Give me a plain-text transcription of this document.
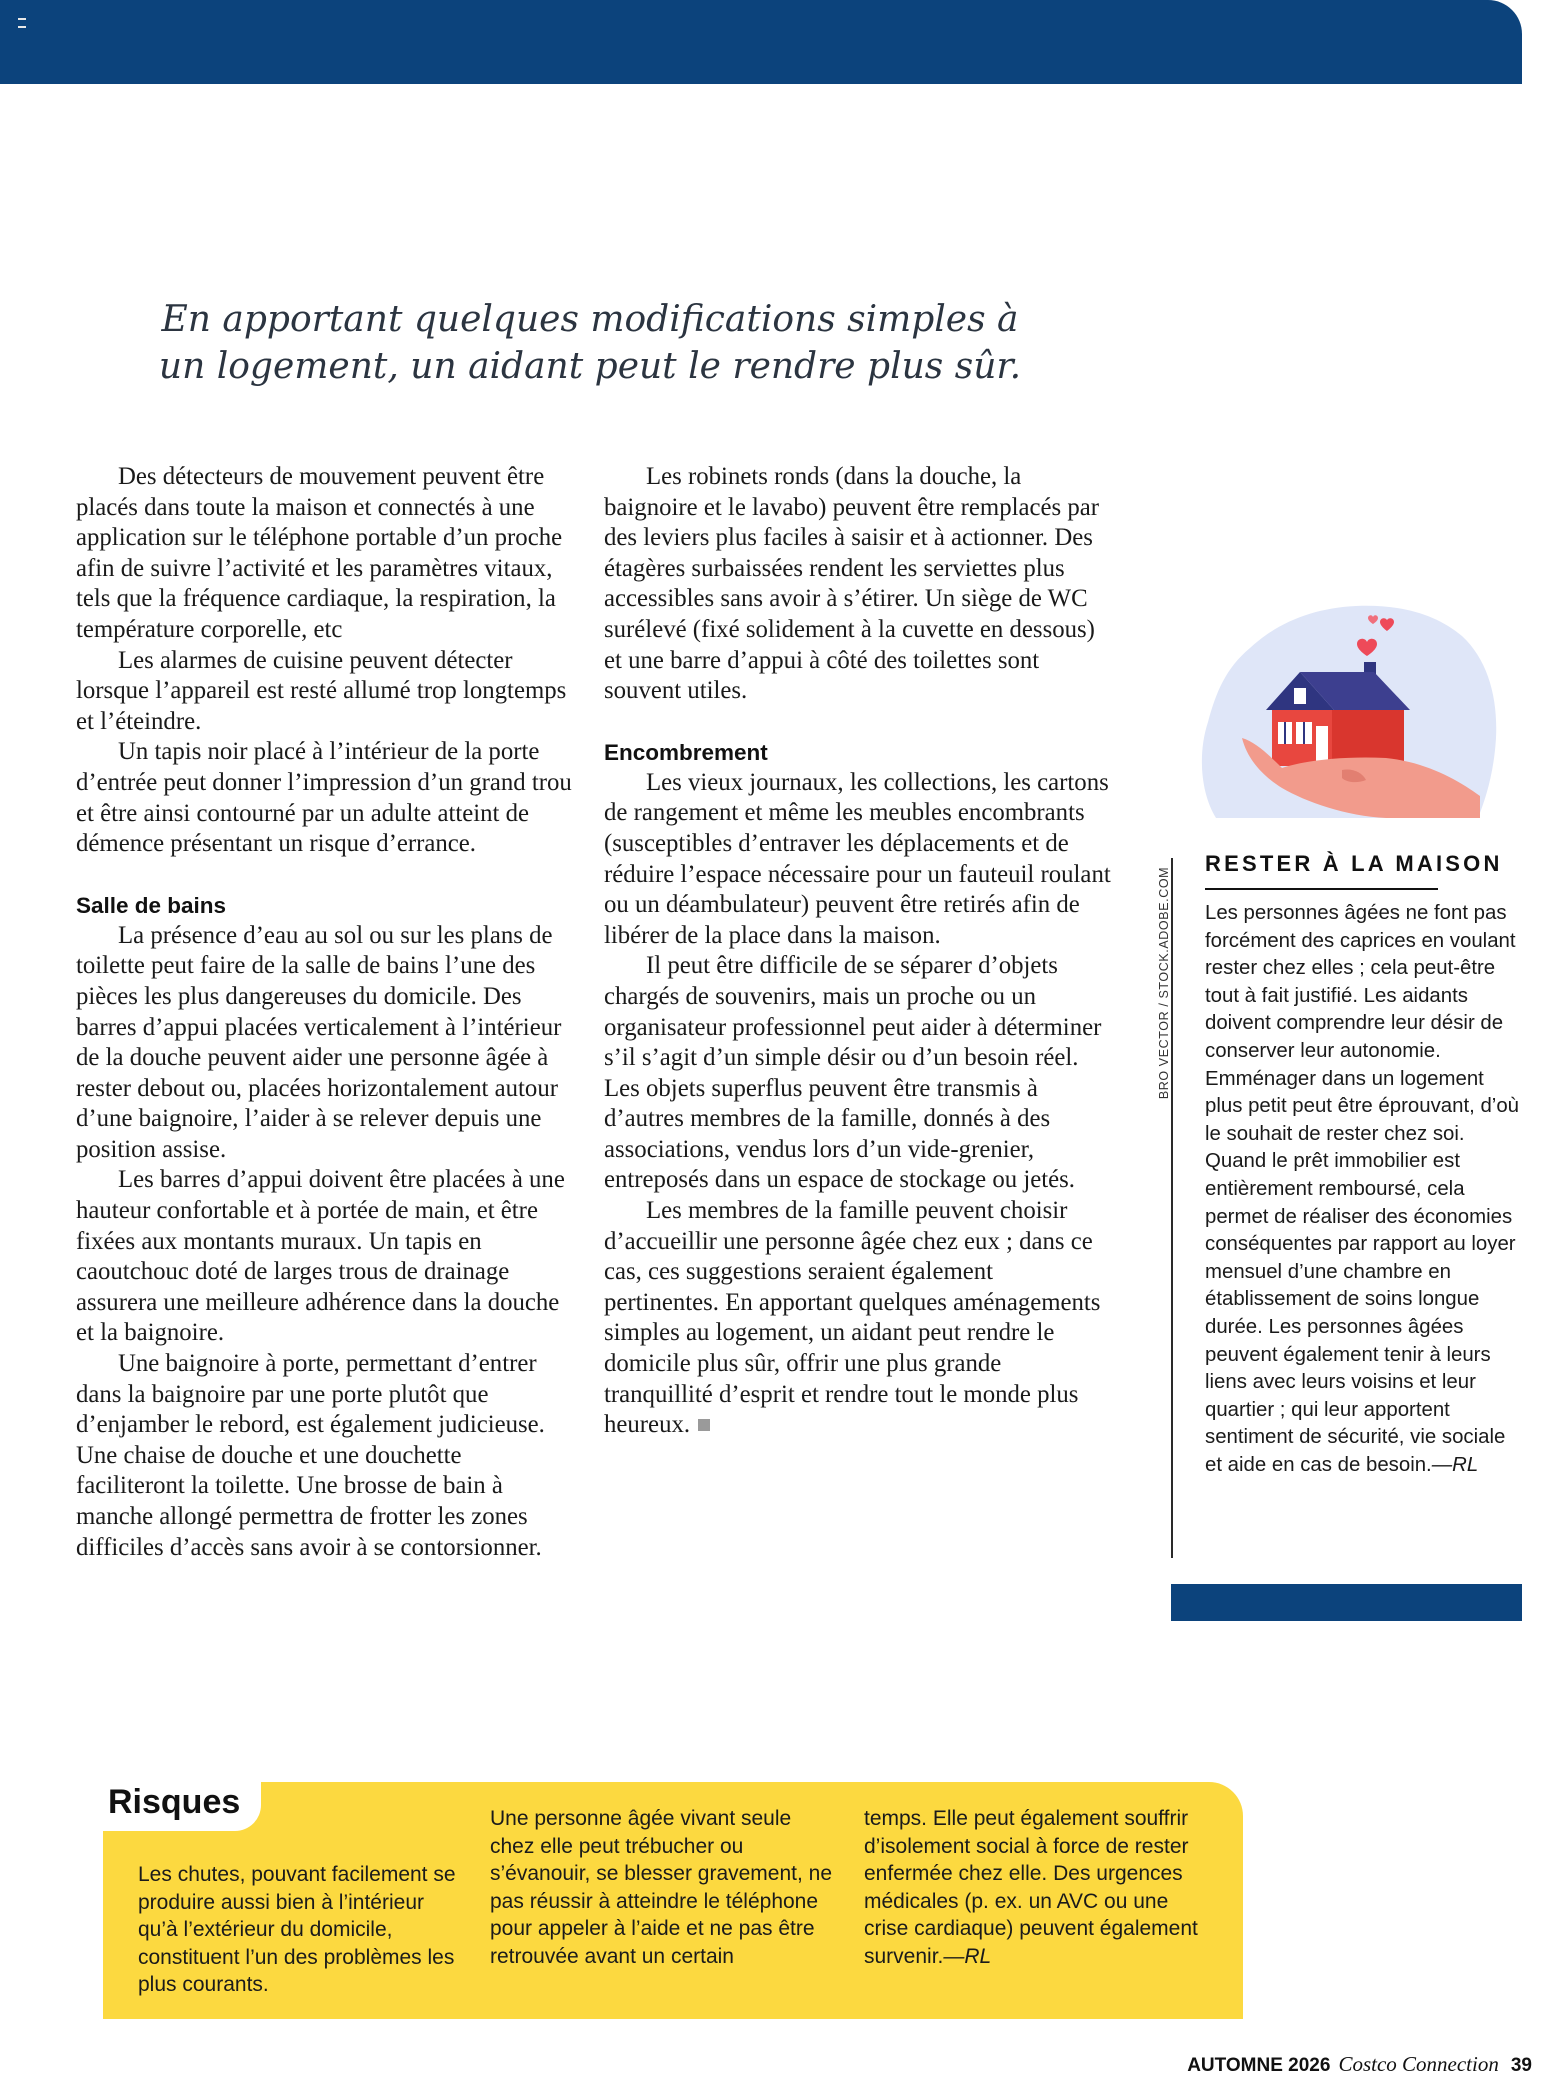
En apportant quelques modifications simples à un logement, un aidant peut le rendre plus sûr.

Des détecteurs de mouvement peuvent être placés dans toute la maison et connectés à une application sur le téléphone portable d’un proche afin de suivre l’activité et les paramètres vitaux, tels que la fréquence cardiaque, la respiration, la température corporelle, etc

Les alarmes de cuisine peuvent détecter lorsque l’appareil est resté allumé trop longtemps et l’éteindre.

Un tapis noir placé à l’intérieur de la porte d’entrée peut donner l’impression d’un grand trou et être ainsi contourné par un adulte atteint de démence présentant un risque d’errance.

Salle de bains

La présence d’eau au sol ou sur les plans de toilette peut faire de la salle de bains l’une des pièces les plus dangereuses du domicile. Des barres d’appui placées verticalement à l’intérieur de la douche peuvent aider une personne âgée à rester debout ou, placées horizontalement autour d’une baignoire, l’aider à se relever depuis une position assise.

Les barres d’appui doivent être placées à une hauteur confortable et à portée de main, et être fixées aux montants muraux. Un tapis en caoutchouc doté de larges trous de drainage assurera une meilleure adhérence dans la douche et la baignoire.

Une baignoire à porte, permettant d’entrer dans la baignoire par une porte plutôt que d’enjamber le rebord, est également judicieuse. Une chaise de douche et une douchette faciliteront la toilette. Une brosse de bain à manche allongé permettra de frotter les zones difficiles d’accès sans avoir à se contorsionner.

Les robinets ronds (dans la douche, la baignoire et le lavabo) peuvent être remplacés par des leviers plus faciles à saisir et à actionner. Des étagères surbaissées rendent les serviettes plus accessibles sans avoir à s’étirer. Un siège de WC surélevé (fixé solidement à la cuvette en dessous) et une barre d’appui à côté des toilettes sont souvent utiles.

Encombrement

Les vieux journaux, les collections, les cartons de rangement et même les meubles encombrants (susceptibles d’entraver les déplacements et de réduire l’espace nécessaire pour un fauteuil roulant ou un déambulateur) peuvent être retirés afin de libérer de la place dans la maison.

Il peut être difficile de se séparer d’objets chargés de souvenirs, mais un proche ou un organisateur professionnel peut aider à déterminer s’il s’agit d’un simple désir ou d’un besoin réel. Les objets superflus peuvent être transmis à d’autres membres de la famille, donnés à des associations, vendus lors d’un vide-grenier, entreposés dans un espace de stockage ou jetés.

Les membres de la famille peuvent choisir d’accueillir une personne âgée chez eux ; dans ce cas, ces suggestions seraient également pertinentes. En apportant quelques aménagements simples au logement, un aidant peut rendre le domicile plus sûr, offrir une plus grande tranquillité d’esprit et rendre tout le monde plus heureux.

BRO VECTOR / STOCK.ADOBE.COM
RESTER À LA MAISON

Les personnes âgées ne font pas forcément des caprices en voulant rester chez elles ; cela peut-être tout à fait justifié. Les aidants doivent comprendre leur désir de conserver leur autonomie. Emménager dans un logement plus petit peut être éprouvant, d’où le souhait de rester chez soi. Quand le prêt immobilier est entièrement remboursé, cela permet de réaliser des économies conséquentes par rapport au loyer mensuel d’une chambre en établissement de soins longue durée. Les personnes âgées peuvent également tenir à leurs liens avec leurs voisins et leur quartier ; qui leur apportent sentiment de sécurité, vie sociale et aide en cas de besoin.—RL

Risques

Les chutes, pouvant facilement se produire aussi bien à l’intérieur qu’à l’extérieur du domicile, constituent l’un des problèmes les plus courants.

Une personne âgée vivant seule chez elle peut trébucher ou s’évanouir, se blesser gravement, ne pas réussir à atteindre le téléphone pour appeler à l’aide et ne pas être retrouvée avant un certain

temps. Elle peut également souffrir d’isolement social à force de rester enfermée chez elle. Des urgences médicales (p. ex. un AVC ou une crise cardiaque) peuvent également survenir.—RL

AUTOMNE 2026 Costco Connection 39
